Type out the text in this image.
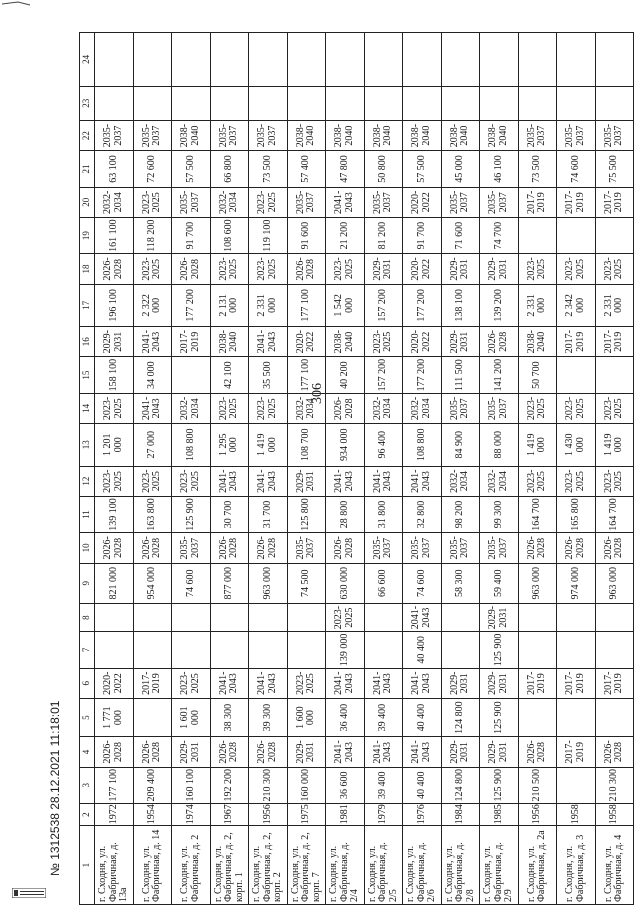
306
1	2	3	4	5	6	7	8	9	10	11	12	13	14	15	16	17	18	19	20	21	22	23	24
г. Сходня, ул. Фабричная, д. 13а	1972	177 100	2026-2028	1 771 000	2020-2022			821 000	2026-2028	139 100	2023-2025	1 201 000	2023-2025	158 100	2029-2031	196 100	2026-2028	161 100	2032-2034	63 100	2035-2037		
г. Сходня, ул. Фабричная, д. 14	1954	209 400	2026-2028		2017-2019			954 000	2026-2028	163 800	2023-2025	27 000	2041-2043	34 000	2041-2043	2 322 000	2023-2025	118 200	2023-2025	72 600	2035-2037		
г. Сходня, ул. Фабричная, д. 2	1974	160 100	2029-2031	1 601 000	2023-2025			74 600	2035-2037	125 900	2023-2025	108 800	2032-2034		2017-2019	177 200	2026-2028	91 700	2035-2037	57 500	2038-2040		
г. Сходня, ул. Фабричная, д. 2, корп. 1	1967	192 200	2026-2028	38 300	2041-2043			877 000	2026-2028	30 700	2041-2043	1 295 000	2023-2025	42 100	2038-2040	2 131 000	2023-2025	108 600	2032-2034	66 800	2035-2037		
г. Сходня, ул. Фабричная, д. 2, корп. 2	1956	210 300	2026-2028	39 300	2041-2043			963 000	2026-2028	31 700	2041-2043	1 419 000	2023-2025	35 500	2041-2043	2 331 000	2023-2025	119 100	2023-2025	73 500	2035-2037		
г. Сходня, ул. Фабричная, д. 2, корп. 7	1975	160 000	2029-2031	1 600 000	2023-2025			74 500	2035-2037	125 800	2029-2031	108 700	2032-2034	177 100	2020-2022	177 100	2026-2028	91 600	2035-2037	57 400	2038-2040		
г. Сходня, ул. Фабричная, д. 2/4	1981	36 600	2041-2043	36 400	2041-2043	139 000	2023-2025	630 000	2026-2028	28 800	2041-2043	934 000	2026-2028	40 200	2038-2040	1 542 000	2023-2025	21 200	2041-2043	47 800	2038-2040		
г. Сходня, ул. Фабричная, д. 2/5	1979	39 400	2041-2043	39 400	2041-2043			66 600	2035-2037	31 800	2041-2043	96 400	2032-2034	157 200	2023-2025	157 200	2029-2031	81 200	2035-2037	50 800	2038-2040		
г. Сходня, ул. Фабричная, д. 2/6	1976	40 400	2041-2043	40 400	2041-2043	40 400	2041-2043	74 600	2035-2037	32 800	2041-2043	108 800	2032-2034	177 200	2020-2022	177 200	2020-2022	91 700	2020-2022	57 500	2038-2040		
г. Сходня, ул. Фабричная, д. 2/8	1984	124 800	2029-2031	124 800	2029-2031			58 300	2035-2037	98 200	2032-2034	84 900	2035-2037	111 500	2029-2031	138 100	2029-2031	71 600	2035-2037	45 000	2038-2040		
г. Сходня, ул. Фабричная, д. 2/9	1985	125 900	2029-2031	125 900	2029-2031	125 900	2029-2031	59 400	2035-2037	99 300	2032-2034	88 000	2035-2037	141 200	2026-2028	139 200	2029-2031	74 700	2035-2037	46 100	2038-2040		
г. Сходня, ул. Фабричная, д. 2а	1956	210 500	2026-2028		2017-2019			963 000	2026-2028	164 700	2023-2025	1 419 000	2023-2025	50 700	2038-2040	2 331 000	2023-2025		2017-2019	73 500	2035-2037		
г. Сходня, ул. Фабричная, д. 3	1958		2017-2019		2017-2019			974 000	2026-2028	165 800	2023-2025	1 430 000	2023-2025		2017-2019	2 342 000	2023-2025		2017-2019	74 600	2035-2037		
г. Сходня, ул. Фабричная, д. 4	1958	210 300	2026-2028		2017-2019			963 000	2026-2028	164 700	2023-2025	1 419 000	2023-2025		2017-2019	2 331 000	2023-2025		2017-2019	75 500	2035-2037		
№ 1312538 28.12.2021 11:18:01
